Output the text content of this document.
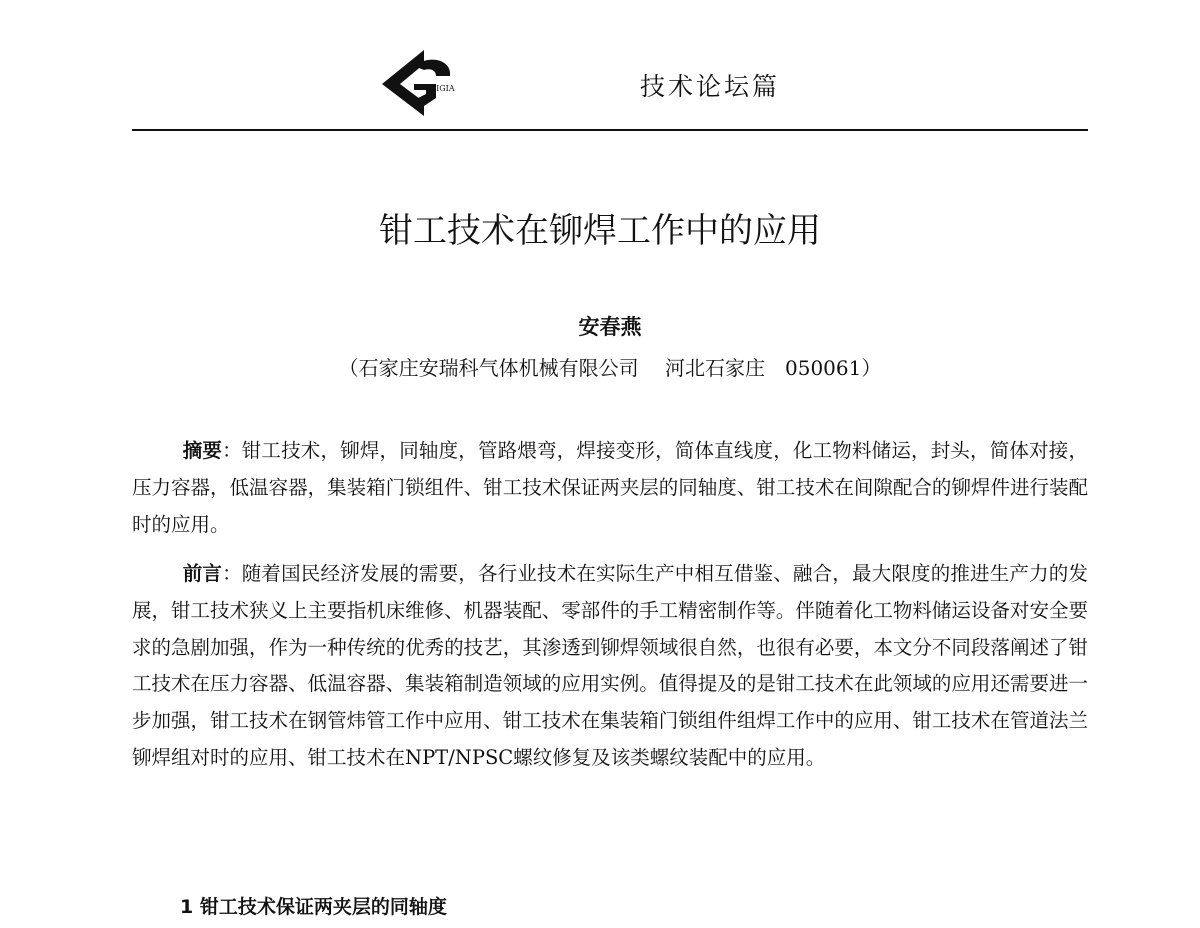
CIGIA	技术论坛篇
钳工技术在铆焊工作中的应用
安春燕
（石家庄安瑞科气体机械有限公司　 河北石家庄　050061）

摘要：钳工技术，铆焊，同轴度，管路煨弯，焊接变形，简体直线度，化工物料储运，封头，简体对接，压力容器，低温容器，集装箱门锁组件、钳工技术保证两夹层的同轴度、钳工技术在间隙配合的铆焊件进行装配时的应用。

前言：随着国民经济发展的需要，各行业技术在实际生产中相互借鉴、融合，最大限度的推进生产力的发展，钳工技术狭义上主要指机床维修、机器装配、零部件的手工精密制作等。伴随着化工物料储运设备对安全要求的急剧加强，作为一种传统的优秀的技艺，其渗透到铆焊领域很自然，也很有必要，本文分不同段落阐述了钳工技术在压力容器、低温容器、集装箱制造领域的应用实例。值得提及的是钳工技术在此领域的应用还需要进一步加强，钳工技术在钢管炜管工作中应用、钳工技术在集装箱门锁组件组焊工作中的应用、钳工技术在管道法兰铆焊组对时的应用、钳工技术在NPT/NPSC螺纹修复及该类螺纹装配中的应用。

1 钳工技术保证两夹层的同轴度
